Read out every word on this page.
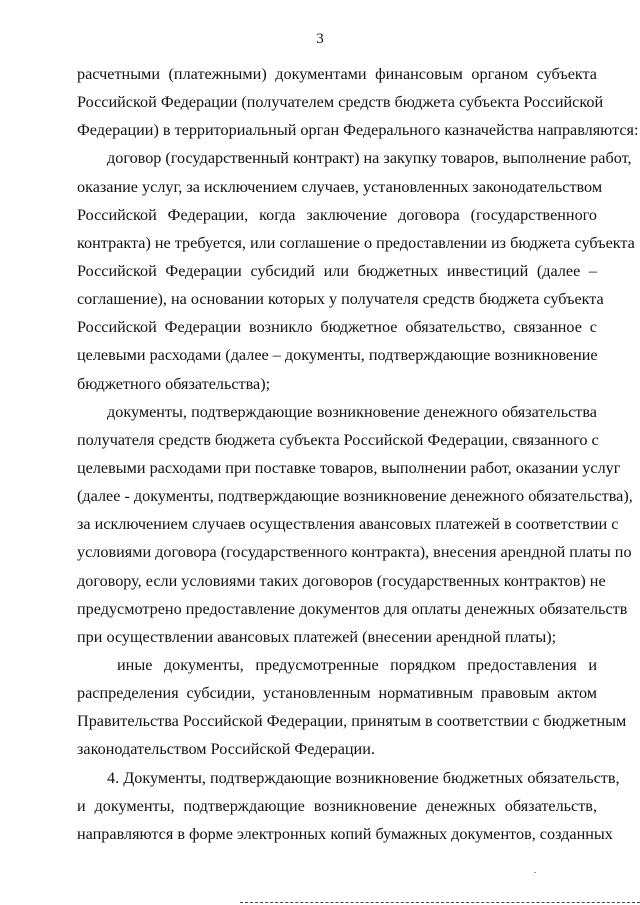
3
расчетными (платежными) документами финансовым органом субъекта
Российской Федерации (получателем средств бюджета субъекта Российской
Федерации) в территориальный орган Федерального казначейства направляются:
договор (государственный контракт) на закупку товаров, выполнение работ,
оказание услуг, за исключением случаев, установленных законодательством
Российской Федерации, когда заключение договора (государственного
контракта) не требуется, или соглашение о предоставлении из бюджета субъекта
Российской Федерации субсидий или бюджетных инвестиций (далее –
соглашение), на основании которых у получателя средств бюджета субъекта
Российской Федерации возникло бюджетное обязательство, связанное с
целевыми расходами (далее – документы, подтверждающие возникновение
бюджетного обязательства);
документы, подтверждающие возникновение денежного обязательства
получателя средств бюджета субъекта Российской Федерации, связанного с
целевыми расходами при поставке товаров, выполнении работ, оказании услуг
(далее - документы, подтверждающие возникновение денежного обязательства),
за исключением случаев осуществления авансовых платежей в соответствии с
условиями договора (государственного контракта), внесения арендной платы по
договору, если условиями таких договоров (государственных контрактов) не
предусмотрено предоставление документов для оплаты денежных обязательств
при осуществлении авансовых платежей (внесении арендной платы);
иные документы, предусмотренные порядком предоставления и
распределения субсидии, установленным нормативным правовым актом
Правительства Российской Федерации, принятым в соответствии с бюджетным
законодательством Российской Федерации.
4. Документы, подтверждающие возникновение бюджетных обязательств,
и документы, подтверждающие возникновение денежных обязательств,
направляются в форме электронных копий бумажных документов, созданных
